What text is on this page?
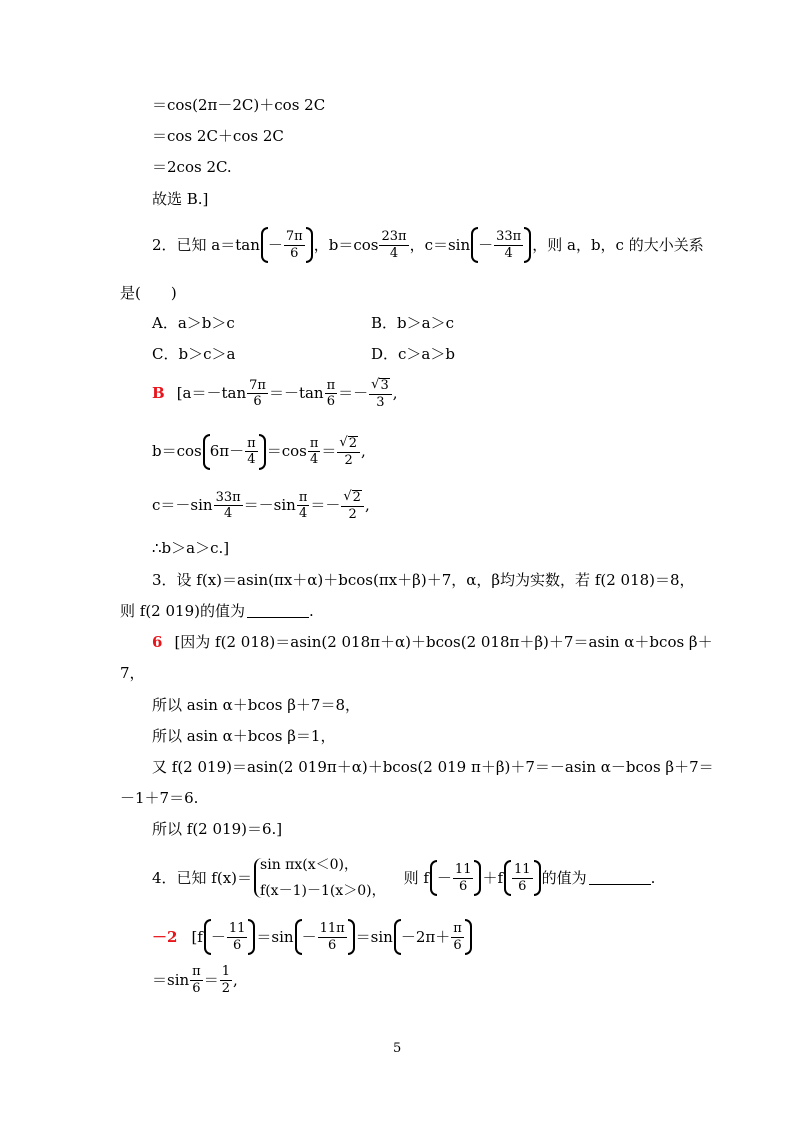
＝cos(2π－2C)＋cos 2C
＝cos 2C＋cos 2C
＝2cos 2C.
故选 B.]
2．已知 $a=\tan - \frac{7\pi}{6}$ ，$b=\cos \frac{23\pi}{4}$ ，$c=\sin - \frac{33\pi}{4}$ ，则 a，b，c 的大小关系
是(　　)
A．a＞b＞c	B．b＞a＞c
C．b＞c＞a	D．c＞a＞b
B [$a=-\tan \frac{7\pi}{6} =-\tan \frac{\pi}{6} =- \frac{√ 3}{3}$ ,
b＝cos $6\pi- \frac{\pi}{4} =\cos \frac{\pi}{4} = \frac{√ 2}{2}$ ,
$c=-\sin \frac{33\pi}{4} =-\sin \frac{\pi}{4} =- \frac{√ 2}{2}$ ,
∴b＞a＞c.]
3．设 f(x)＝asin(πx＋α)＋bcos(πx＋β)＋7，α，β均为实数，若 f(2 018)＝8，
则 f(2 019)的值为	.
6 [因为 f(2 018)＝asin(2 018π＋α)＋bcos(2 018π＋β)＋7＝asin α＋bcos β＋
7，
所以 asin α＋bcos β＋7＝8，
所以 asin α＋bcos β＝1，
又 f(2 019)＝asin(2 019π＋α)＋bcos(2 019 π＋β)＋7＝－asin α－bcos β＋7＝
－1＋7＝6.
所以 f(2 019)＝6.]
4．已知 f(x)＝
sin πx(x＜0)，
f(x－1)－1(x＞0)，
则 $f - \frac{11}{6} +f \frac{11}{6}$ 的值为	.
－2 [$f - \frac{11}{6} =\sin - \frac{11\pi}{6} =\sin -2\pi+ \frac{\pi}{6}$
$=\sin \frac{\pi}{6} = \frac{1}{2}$ ,
5
